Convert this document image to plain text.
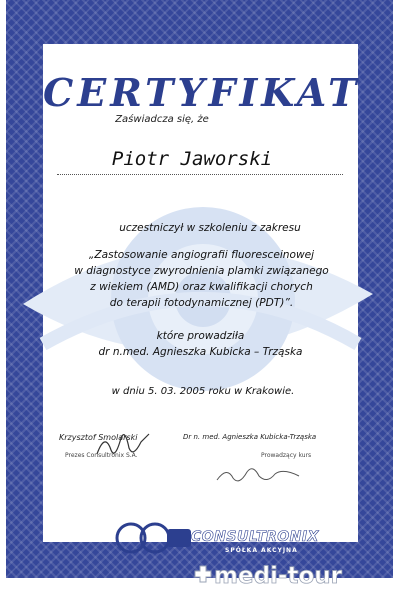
CERTYFIKAT
Zaświadcza się, że
Piotr Jaworski
uczestniczył w szkoleniu z zakresu
„Zastosowanie angiografii fluoresceinowej
w diagnostyce zwyrodnienia plamki związanego
z wiekiem (AMD) oraz kwalifikacji chorych
do terapii fotodynamicznej (PDT)”.
które prowadziła
dr n.med. Agnieszka Kubicka – Trząska
w dniu 5. 03. 2005 roku w Krakowie.
Krzysztof Smolarski
Prezes Consultronix S.A.
Dr n. med. Agnieszka Kubicka-Trząska
Prowadzący kurs
CONSULTRONIX
SPÓŁKA AKCYJNA
medi-tour
